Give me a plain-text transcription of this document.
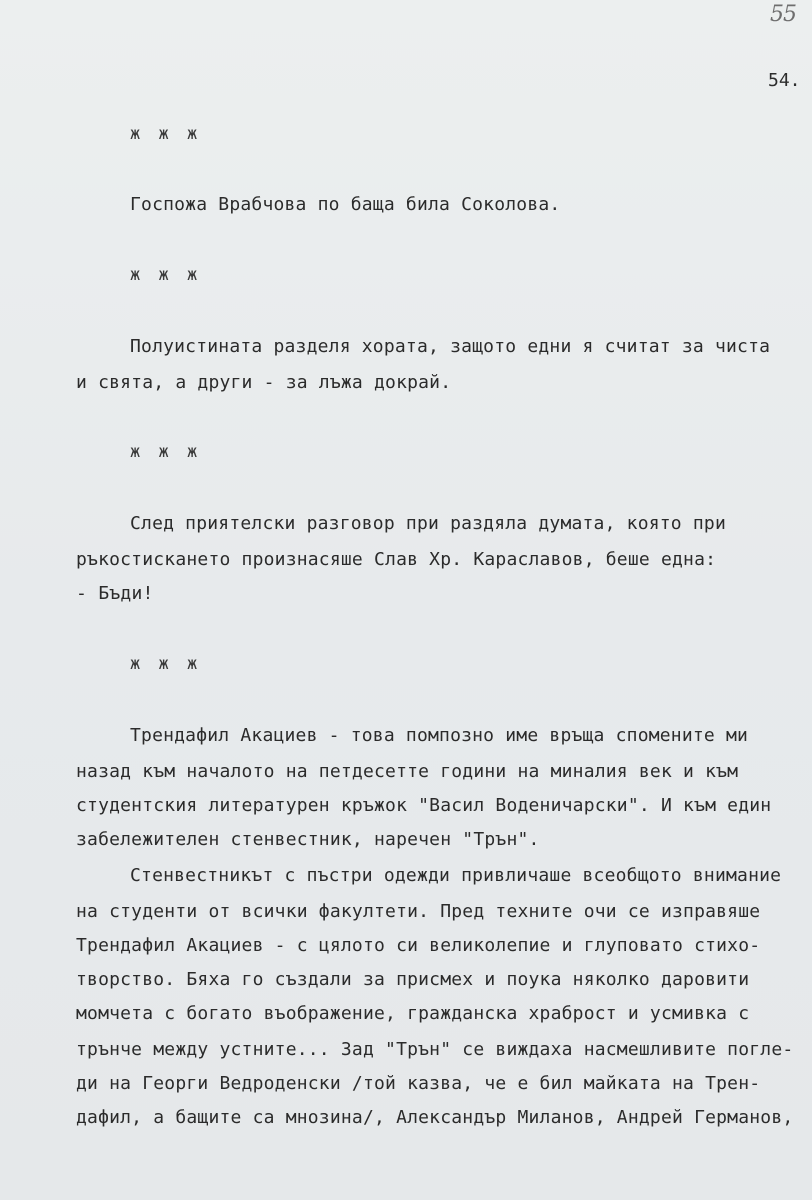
55
54.
ж ж ж
Госпожа Врабчова по баща била Соколова.
ж ж ж
Полуистината разделя хората, защото едни я считат за чиста
и свята, а други - за лъжа докрай.
ж ж ж
След приятелски разговор при раздяла думата, която при
ръкостискането произнасяше Слав Хр. Караславов, беше една:
- Бъди!
ж ж ж
Трендафил Акациев - това помпозно име връща спомените ми
назад към началото на петдесетте години на миналия век и към
студентския литературен кръжок "Васил Воденичарски". И към един
забележителен стенвестник, наречен "Трън".
Стенвестникът с пъстри одежди привличаше всеобщото внимание
на студенти от всички факултети. Пред техните очи се изправяше
Трендафил Акациев - с цялото си великолепие и глуповато стихо-
творство. Бяха го създали за присмех и поука няколко даровити
момчета с богато въображение, гражданска храброст и усмивка с
трънче между устните... Зад "Трън" се виждаха насмешливите погле-
ди на Георги Ведроденски /той казва, че е бил майката на Трен-
дафил, а бащите са мнозина/, Александър Миланов, Андрей Германов,
